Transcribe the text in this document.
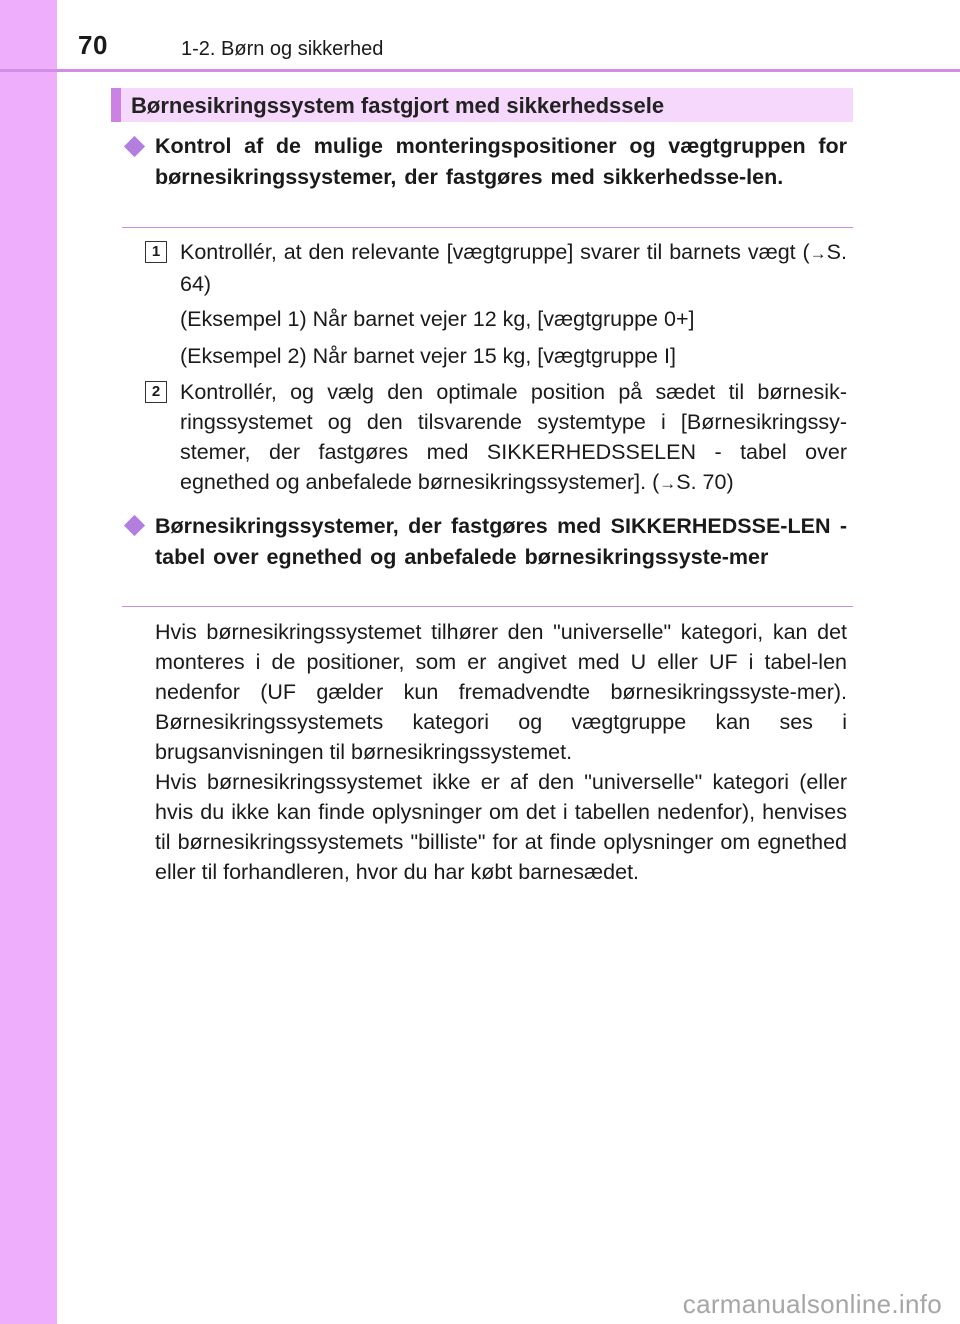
70	1-2. Børn og sikkerhed
Børnesikringssystem fastgjort med sikkerhedssele
Kontrol af de mulige monteringspositioner og vægtgruppen for børnesikringssystemer, der fastgøres med sikkerhedsse-len.
1 Kontrollér, at den relevante [vægtgruppe] svarer til barnets vægt (→S. 64)
(Eksempel 1) Når barnet vejer 12 kg, [vægtgruppe 0+]
(Eksempel 2) Når barnet vejer 15 kg, [vægtgruppe I]
2 Kontrollér, og vælg den optimale position på sædet til børnesik-ringssystemet og den tilsvarende systemtype i [Børnesikringssy-stemer, der fastgøres med SIKKERHEDSSELEN - tabel over egnethed og anbefalede børnesikringssystemer]. (→S. 70)
Børnesikringssystemer, der fastgøres med SIKKERHEDSSE-LEN - tabel over egnethed og anbefalede børnesikringssyste-mer
Hvis børnesikringssystemet tilhører den "universelle" kategori, kan det monteres i de positioner, som er angivet med U eller UF i tabel-len nedenfor (UF gælder kun fremadvendte børnesikringssyste-mer). Børnesikringssystemets kategori og vægtgruppe kan ses i brugsanvisningen til børnesikringssystemet.
Hvis børnesikringssystemet ikke er af den "universelle" kategori (eller hvis du ikke kan finde oplysninger om det i tabellen nedenfor), henvises til børnesikringssystemets "billiste" for at finde oplysninger om egnethed eller til forhandleren, hvor du har købt barnesædet.
carmanualsonline.info
